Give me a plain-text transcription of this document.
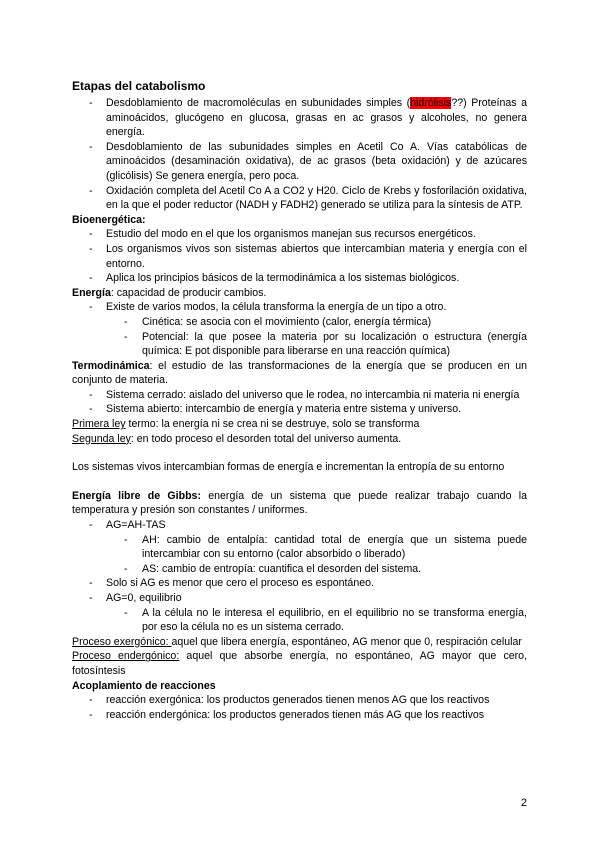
Etapas del catabolismo
- Desdoblamiento de macromoléculas en subunidades simples (hidrólisis??) Proteínas a aminoácidos, glucógeno en glucosa, grasas en ac grasos y alcoholes, no genera energía.
- Desdoblamiento de las subunidades simples en Acetil Co A. Vías catabólicas de aminoácidos (desaminación oxidativa), de ac grasos (beta oxidación) y de azúcares (glicólisis) Se genera energía, pero poca.
- Oxidación completa del Acetil Co A a CO2 y H20. Ciclo de Krebs y fosforilación oxidativa, en la que el poder reductor (NADH y FADH2) generado se utiliza para la síntesis de ATP.

Bioenergética:

- Estudio del modo en el que los organismos manejan sus recursos energéticos.
- Los organismos vivos son sistemas abiertos que intercambian materia y energía con el entorno.
- Aplica los principios básicos de la termodinámica a los sistemas biológicos.

Energía: capacidad de producir cambios.

- Existe de varios modos, la célula transforma la energía de un tipo a otro.
- Cinética: se asocia con el movimiento (calor, energía térmica)
- Potencial: la que posee la materia por su localización o estructura (energía química: E pot disponible para liberarse en una reacción química)

Termodinámica: el estudio de las transformaciones de la energía que se producen en un conjunto de materia.

- Sistema cerrado: aislado del universo que le rodea, no intercambia ni materia ni energía
- Sistema abierto: intercambio de energía y materia entre sistema y universo.

Primera ley termo: la energía ni se crea ni se destruye, solo se transforma

Segunda ley: en todo proceso el desorden total del universo aumenta.

Los sistemas vivos intercambian formas de energía e incrementan la entropía de su entorno

Energía libre de Gibbs: energía de un sistema que puede realizar trabajo cuando la temperatura y presión son constantes / uniformes.

- AG=AH-TAS
- AH: cambio de entalpía: cantidad total de energía que un sistema puede intercambiar con su entorno (calor absorbido o liberado)
- AS: cambio de entropía: cuantifica el desorden del sistema.
- Solo si AG es menor que cero el proceso es espontáneo.
- AG=0, equilibrio
- A la célula no le interesa el equilibrio, en el equilibrio no se transforma energía, por eso la célula no es un sistema cerrado.

Proceso exergónico: aquel que libera energía, espontáneo, AG menor que 0, respiración celular

Proceso endergónico: aquel que absorbe energía, no espontáneo, AG mayor que cero, fotosíntesis

Acoplamiento de reacciones

- reacción exergónica: los productos generados tienen menos AG que los reactivos
- reacción endergónica: los productos generados tienen más AG que los reactivos
2
